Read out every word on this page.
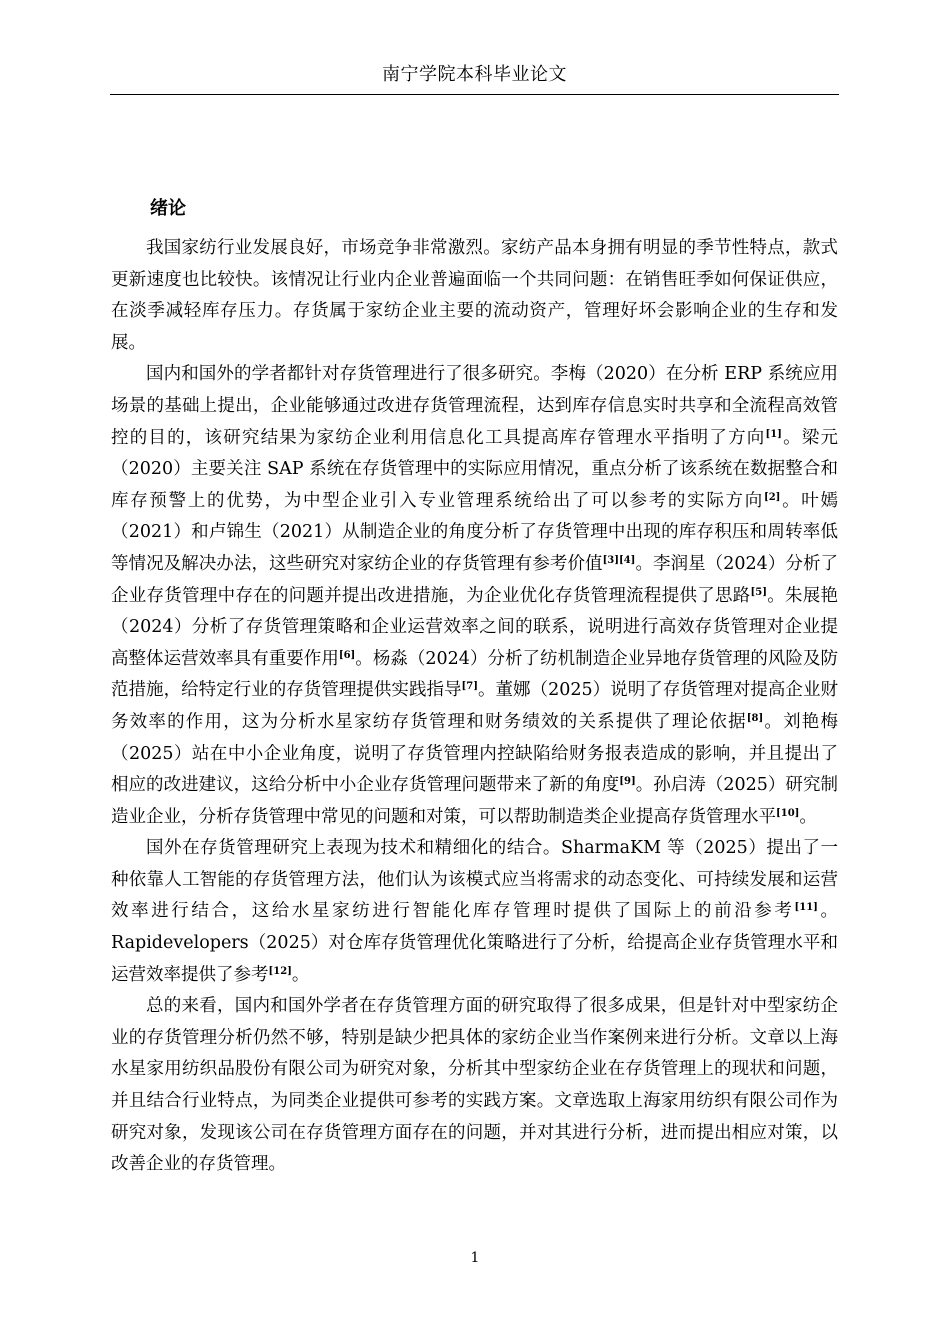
南宁学院本科毕业论文
绪论

我国家纺行业发展良好，市场竞争非常激烈。家纺产品本身拥有明显的季节性特点，款式更新速度也比较快。该情况让行业内企业普遍面临一个共同问题：在销售旺季如何保证供应，在淡季减轻库存压力。存货属于家纺企业主要的流动资产，管理好坏会影响企业的生存和发展。

国内和国外的学者都针对存货管理进行了很多研究。李梅（2020）在分析 ERP 系统应用场景的基础上提出，企业能够通过改进存货管理流程，达到库存信息实时共享和全流程高效管控的目的，该研究结果为家纺企业利用信息化工具提高库存管理水平指明了方向[1]。梁元（2020）主要关注 SAP 系统在存货管理中的实际应用情况，重点分析了该系统在数据整合和库存预警上的优势，为中型企业引入专业管理系统给出了可以参考的实际方向[2]。叶嫣（2021）和卢锦生（2021）从制造企业的角度分析了存货管理中出现的库存积压和周转率低等情况及解决办法，这些研究对家纺企业的存货管理有参考价值[3][4]。李润星（2024）分析了企业存货管理中存在的问题并提出改进措施，为企业优化存货管理流程提供了思路[5]。朱展艳（2024）分析了存货管理策略和企业运营效率之间的联系，说明进行高效存货管理对企业提高整体运营效率具有重要作用[6]。杨淼（2024）分析了纺机制造企业异地存货管理的风险及防范措施，给特定行业的存货管理提供实践指导[7]。董娜（2025）说明了存货管理对提高企业财务效率的作用，这为分析水星家纺存货管理和财务绩效的关系提供了理论依据[8]。刘艳梅（2025）站在中小企业角度，说明了存货管理内控缺陷给财务报表造成的影响，并且提出了相应的改进建议，这给分析中小企业存货管理问题带来了新的角度[9]。孙启涛（2025）研究制造业企业，分析存货管理中常见的问题和对策，可以帮助制造类企业提高存货管理水平[10]。

国外在存货管理研究上表现为技术和精细化的结合。SharmaKM 等（2025）提出了一种依靠人工智能的存货管理方法，他们认为该模式应当将需求的动态变化、可持续发展和运营效率进行结合，这给水星家纺进行智能化库存管理时提供了国际上的前沿参考[11]。Rapidevelopers（2025）对仓库存货管理优化策略进行了分析，给提高企业存货管理水平和运营效率提供了参考[12]。

总的来看，国内和国外学者在存货管理方面的研究取得了很多成果，但是针对中型家纺企业的存货管理分析仍然不够，特别是缺少把具体的家纺企业当作案例来进行分析。文章以上海水星家用纺织品股份有限公司为研究对象，分析其中型家纺企业在存货管理上的现状和问题，并且结合行业特点，为同类企业提供可参考的实践方案。文章选取上海家用纺织有限公司作为研究对象，发现该公司在存货管理方面存在的问题，并对其进行分析，进而提出相应对策，以改善企业的存货管理。

1
